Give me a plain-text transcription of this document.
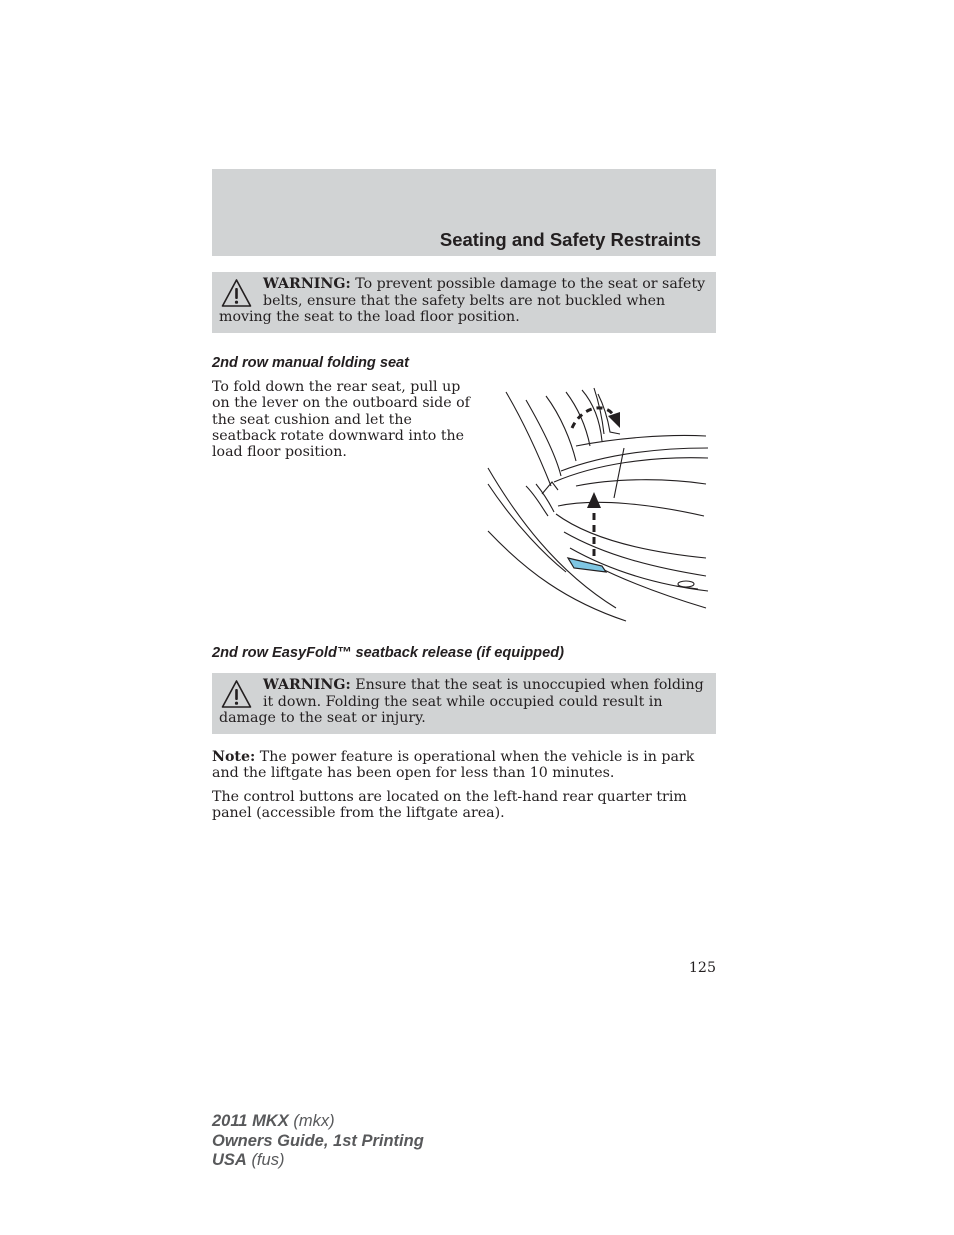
Seating and Safety Restraints
WARNING: To prevent possible damage to the seat or safety belts, ensure that the safety belts are not buckled when moving the seat to the load floor position.
2nd row manual folding seat

To fold down the rear seat, pull up on the lever on the outboard side of the seat cushion and let the seatback rotate downward into the load floor position.

2nd row EasyFold™ seatback release (if equipped)
WARNING: Ensure that the seat is unoccupied when folding it down. Folding the seat while occupied could result in damage to the seat or injury.

Note: The power feature is operational when the vehicle is in park and the liftgate has been open for less than 10 minutes.

The control buttons are located on the left-hand rear quarter trim panel (accessible from the liftgate area).

125
2011 MKX (mkx)
Owners Guide, 1st Printing
USA (fus)
